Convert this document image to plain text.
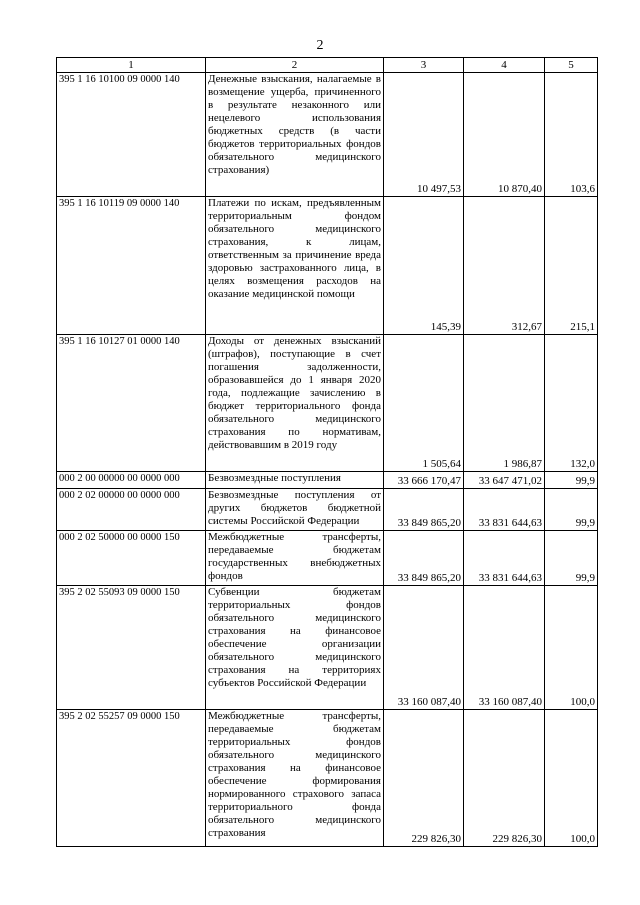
2
1	2	3	4	5
395 1 16 10100 09 0000 140	Денежные взыскания, налагаемые в возмещение ущерба, причиненного в результате незаконного или нецелевого использования бюджетных средств (в части бюджетов территориальных фондов обязательного медицинского страхования)	10 497,53	10 870,40	103,6
395 1 16 10119 09 0000 140	Платежи по искам, предъявленным территориальным фондом обязательного медицинского страхования, к лицам, ответственным за причинение вреда здоровью застрахованного лица, в целях возмещения расходов на оказание медицинской помощи	145,39	312,67	215,1
395 1 16 10127 01 0000 140	Доходы от денежных взысканий (штрафов), поступающие в счет погашения задолженности, образовавшейся до 1 января 2020 года, подлежащие зачислению в бюджет территориального фонда обязательного медицинского страхования по нормативам, действовавшим в 2019 году	1 505,64	1 986,87	132,0
000 2 00 00000 00 0000 000	Безвозмездные поступления	33 666 170,47	33 647 471,02	99,9
000 2 02 00000 00 0000 000	Безвозмездные поступления от других бюджетов бюджетной системы Российской Федерации	33 849 865,20	33 831 644,63	99,9
000 2 02 50000 00 0000 150	Межбюджетные трансферты, передаваемые бюджетам государственных внебюджетных фондов	33 849 865,20	33 831 644,63	99,9
395 2 02 55093 09 0000 150	Субвенции бюджетам территориальных фондов обязательного медицинского страхования на финансовое обеспечение организации обязательного медицинского страхования на территориях субъектов Российской Федерации	33 160 087,40	33 160 087,40	100,0
395 2 02 55257 09 0000 150	Межбюджетные трансферты, передаваемые бюджетам территориальных фондов обязательного медицинского страхования на финансовое обеспечение формирования нормированного страхового запаса территориального фонда обязательного медицинского страхования	229 826,30	229 826,30	100,0
